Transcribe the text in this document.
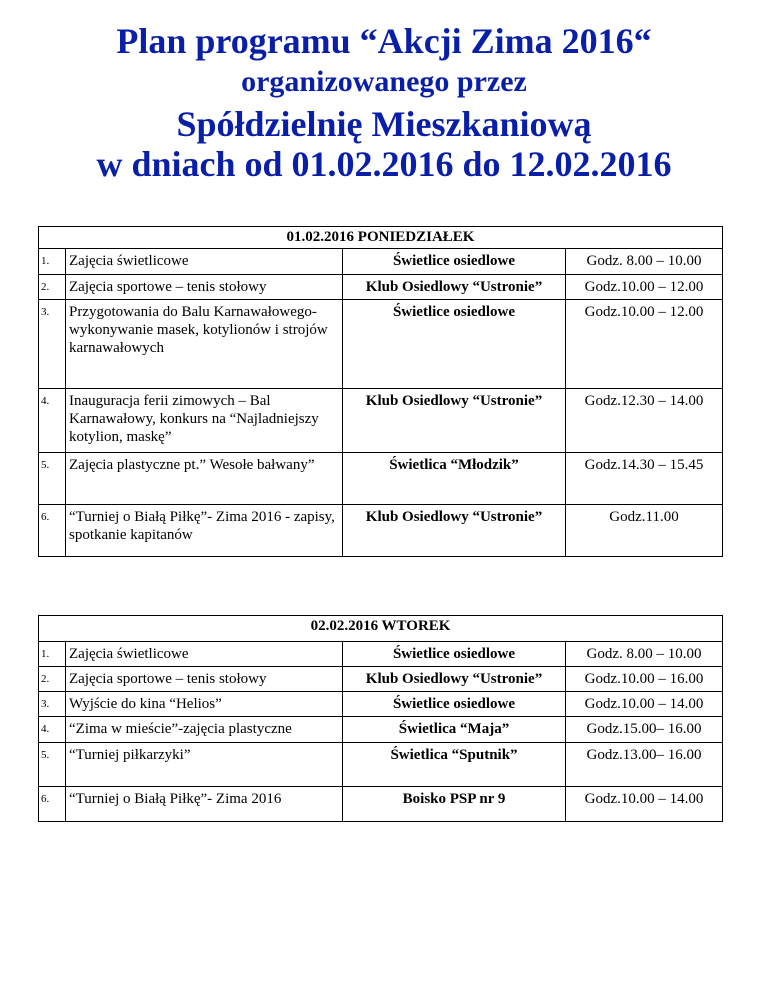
Plan programu “Akcji Zima 2016“
organizowanego przez
Spółdzielnię Mieszkaniową
w dniach od 01.02.2016 do 12.02.2016
01.02.2016 PONIEDZIAŁEK			
1.	Zajęcia świetlicowe	Świetlice osiedlowe	Godz. 8.00 – 10.00
2.	Zajęcia sportowe – tenis stołowy	Klub Osiedlowy “Ustronie”	Godz.10.00 – 12.00
3.	Przygotowania do Balu Karnawałowego- wykonywanie masek, kotylionów i strojów karnawałowych	Świetlice osiedlowe	Godz.10.00 – 12.00
4.	Inauguracja ferii zimowych – Bal Karnawałowy, konkurs na “Najladniejszy kotylion, maskę”	Klub Osiedlowy “Ustronie”	Godz.12.30 – 14.00
5.	Zajęcia plastyczne pt.” Wesołe bałwany”	Świetlica “Młodzik”	Godz.14.30 – 15.45
6.	“Turniej o Białą Piłkę”- Zima 2016 - zapisy, spotkanie kapitanów	Klub Osiedlowy “Ustronie”	Godz.11.00
02.02.2016 WTOREK			
1.	Zajęcia świetlicowe	Świetlice osiedlowe	Godz. 8.00 – 10.00
2.	Zajęcia sportowe – tenis stołowy	Klub Osiedlowy “Ustronie”	Godz.10.00 – 16.00
3.	Wyjście do kina “Helios”	Świetlice osiedlowe	Godz.10.00 – 14.00
4.	“Zima w mieście”-zajęcia plastyczne	Świetlica “Maja”	Godz.15.00– 16.00
5.	“Turniej piłkarzyki”	Świetlica “Sputnik”	Godz.13.00– 16.00
6.	“Turniej o Białą Piłkę”- Zima 2016	Boisko PSP nr 9	Godz.10.00 – 14.00
